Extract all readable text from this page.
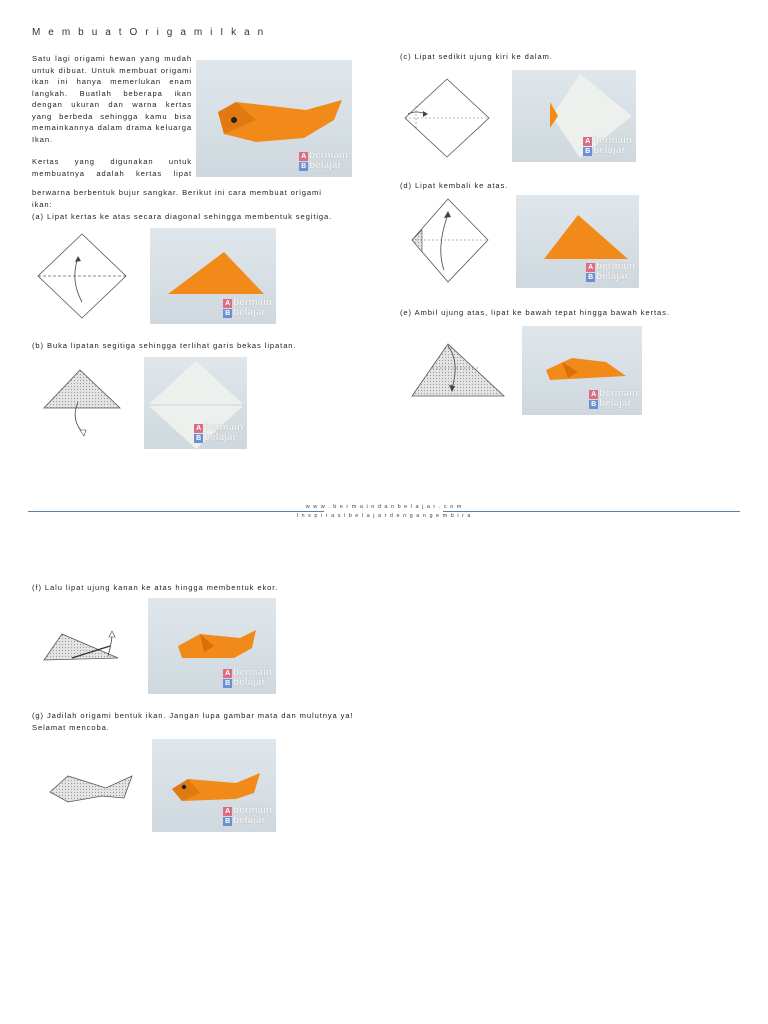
M e m b u a t O r i g a m i I k a n

Satu lagi origami hewan yang mudah untuk dibuat. Untuk membuat origami ikan ini hanya memerlukan enam langkah. Buatlah beberapa ikan dengan ukuran dan warna kertas yang berbeda sehingga kamu bisa memainkannya dalam drama keluarga Ikan.

Kertas yang digunakan untuk membuatnya adalah kertas lipat

berwarna berbentuk bujur sangkar. Berikut ini cara membuat origami ikan:
A bermain
B belajar
(a) Lipat kertas ke atas secara diagonal sehingga membentuk segitiga.
A bermain
B belajar
(b) Buka lipatan segitiga sehingga terlihat garis bekas lipatan.
A bermain
B belajar
(c) Lipat sedikit ujung kiri ke dalam.
A bermain
B belajar
(d) Lipat kembali ke atas.
A bermain
B belajar
(e) Ambil ujung atas, lipat ke bawah tepat hingga bawah kertas.
A bermain
B belajar
w w w . b e r m a i n d a n b e l a j a r . c o m
I n s p i r a s i b e l a j a r d e n g a n g e m b i r a
(f) Lalu lipat ujung kanan ke atas hingga membentuk ekor.
A bermain
B belajar
(g) Jadilah origami bentuk ikan. Jangan lupa gambar mata dan mulutnya ya!
Selamat mencoba.
A bermain
B belajar
